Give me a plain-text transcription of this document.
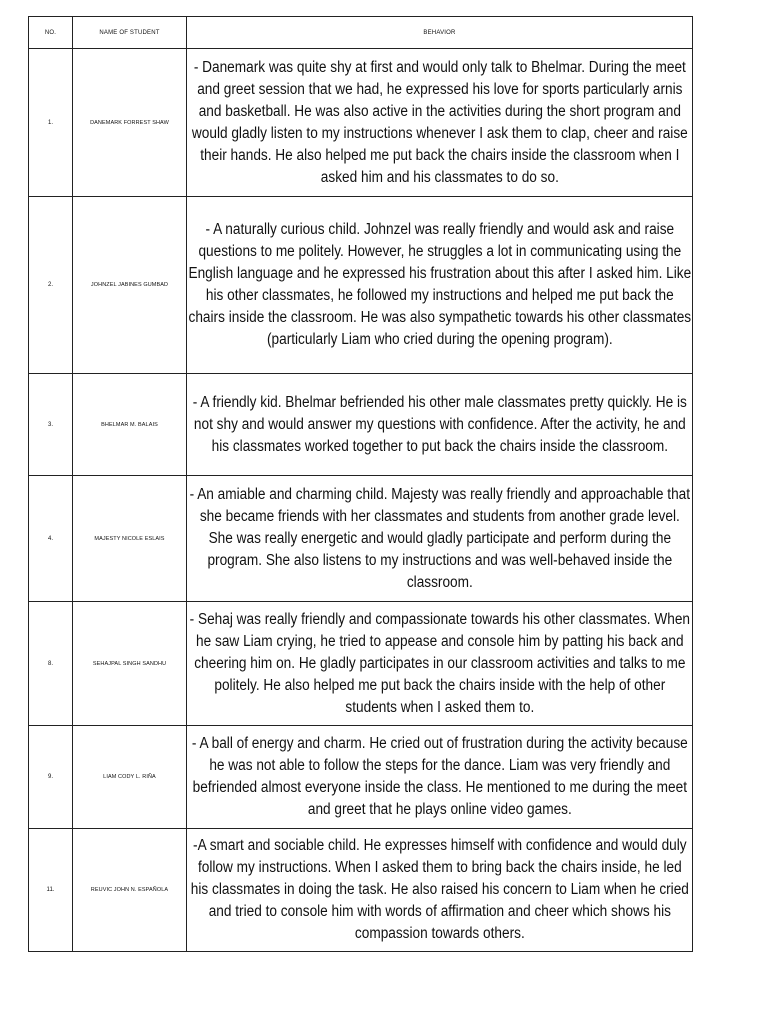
NO.	NAME OF STUDENT	BEHAVIOR
1.	DANEMARK FORREST SHAW	- Danemark was quite shy at first and would only talk to Bhelmar. During the meet and greet session that we had, he expressed his love for sports particularly arnis and basketball. He was also active in the activities during the short program and would gladly listen to my instructions whenever I ask them to clap, cheer and raise their hands. He also helped me put back the chairs inside the classroom when I asked him and his classmates to do so.

2.	JOHNZEL JABINES GUMBAD	- A naturally curious child. Johnzel was really friendly and would ask and raise questions to me politely. However, he struggles a lot in communicating using the English language and he expressed his frustration about this after I asked him. Like his other classmates, he followed my instructions and helped me put back the chairs inside the classroom. He was also sympathetic towards his other classmates (particularly Liam who cried during the opening program).

3.	BHELMAR M. BALAIS	- A friendly kid. Bhelmar befriended his other male classmates pretty quickly. He is not shy and would answer my questions with confidence. After the activity, he and his classmates worked together to put back the chairs inside the classroom.

4.	MAJESTY NICOLE ESLAIS	- An amiable and charming child. Majesty was really friendly and approachable that she became friends with her classmates and students from another grade level. She was really energetic and would gladly participate and perform during the program. She also listens to my instructions and was well-behaved inside the classroom.

8.	SEHAJPAL SINGH SANDHU	- Sehaj was really friendly and compassionate towards his other classmates. When he saw Liam crying, he tried to appease and console him by patting his back and cheering him on. He gladly participates in our classroom activities and talks to me politely. He also helped me put back the chairs inside with the help of other students when I asked them to.

9.	LIAM CODY L. RIÑA	- A ball of energy and charm. He cried out of frustration during the activity because he was not able to follow the steps for the dance. Liam was very friendly and befriended almost everyone inside the class. He mentioned to me during the meet and greet that he plays online video games.

11.	REUVIC JOHN N. ESPAÑOLA	-A smart and sociable child. He expresses himself with confidence and would duly follow my instructions. When I asked them to bring back the chairs inside, he led his classmates in doing the task. He also raised his concern to Liam when he cried and tried to console him with words of affirmation and cheer which shows his compassion towards others.
